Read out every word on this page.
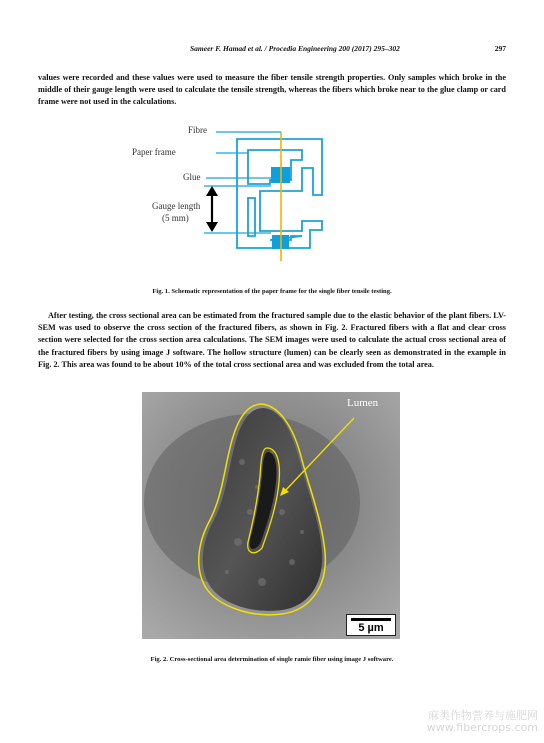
Sameer F. Hamad et al. / Procedia Engineering 200 (2017) 295–302	297
values were recorded and these values were used to measure the fiber tensile strength properties. Only samples which broke in the middle of their gauge length were used to calculate the tensile strength, whereas the fibers which broke near to the glue clamp or card frame were not used in the calculations.
Fibre
Paper frame
Glue
Gauge length
(5 mm)
Fig. 1. Schematic representation of the paper frame for the single fiber tensile testing.
After testing, the cross sectional area can be estimated from the fractured sample due to the elastic behavior of the plant fibers. LV-SEM was used to observe the cross section of the fractured fibers, as shown in Fig. 2. Fractured fibers with a flat and clear cross section were selected for the cross section area calculations. The SEM images were used to calculate the actual cross sectional area of the fractured fibers by using image J software. The hollow structure (lumen) can be clearly seen as demonstrated in the example in Fig. 2. This area was found to be about 10% of the total cross sectional area and was excluded from the total area.
Lumen
5 µm
Fig. 2. Cross-sectional area determination of single ramie fiber using image J software.
麻类作物营养与施肥网
www.fibercrops.com
